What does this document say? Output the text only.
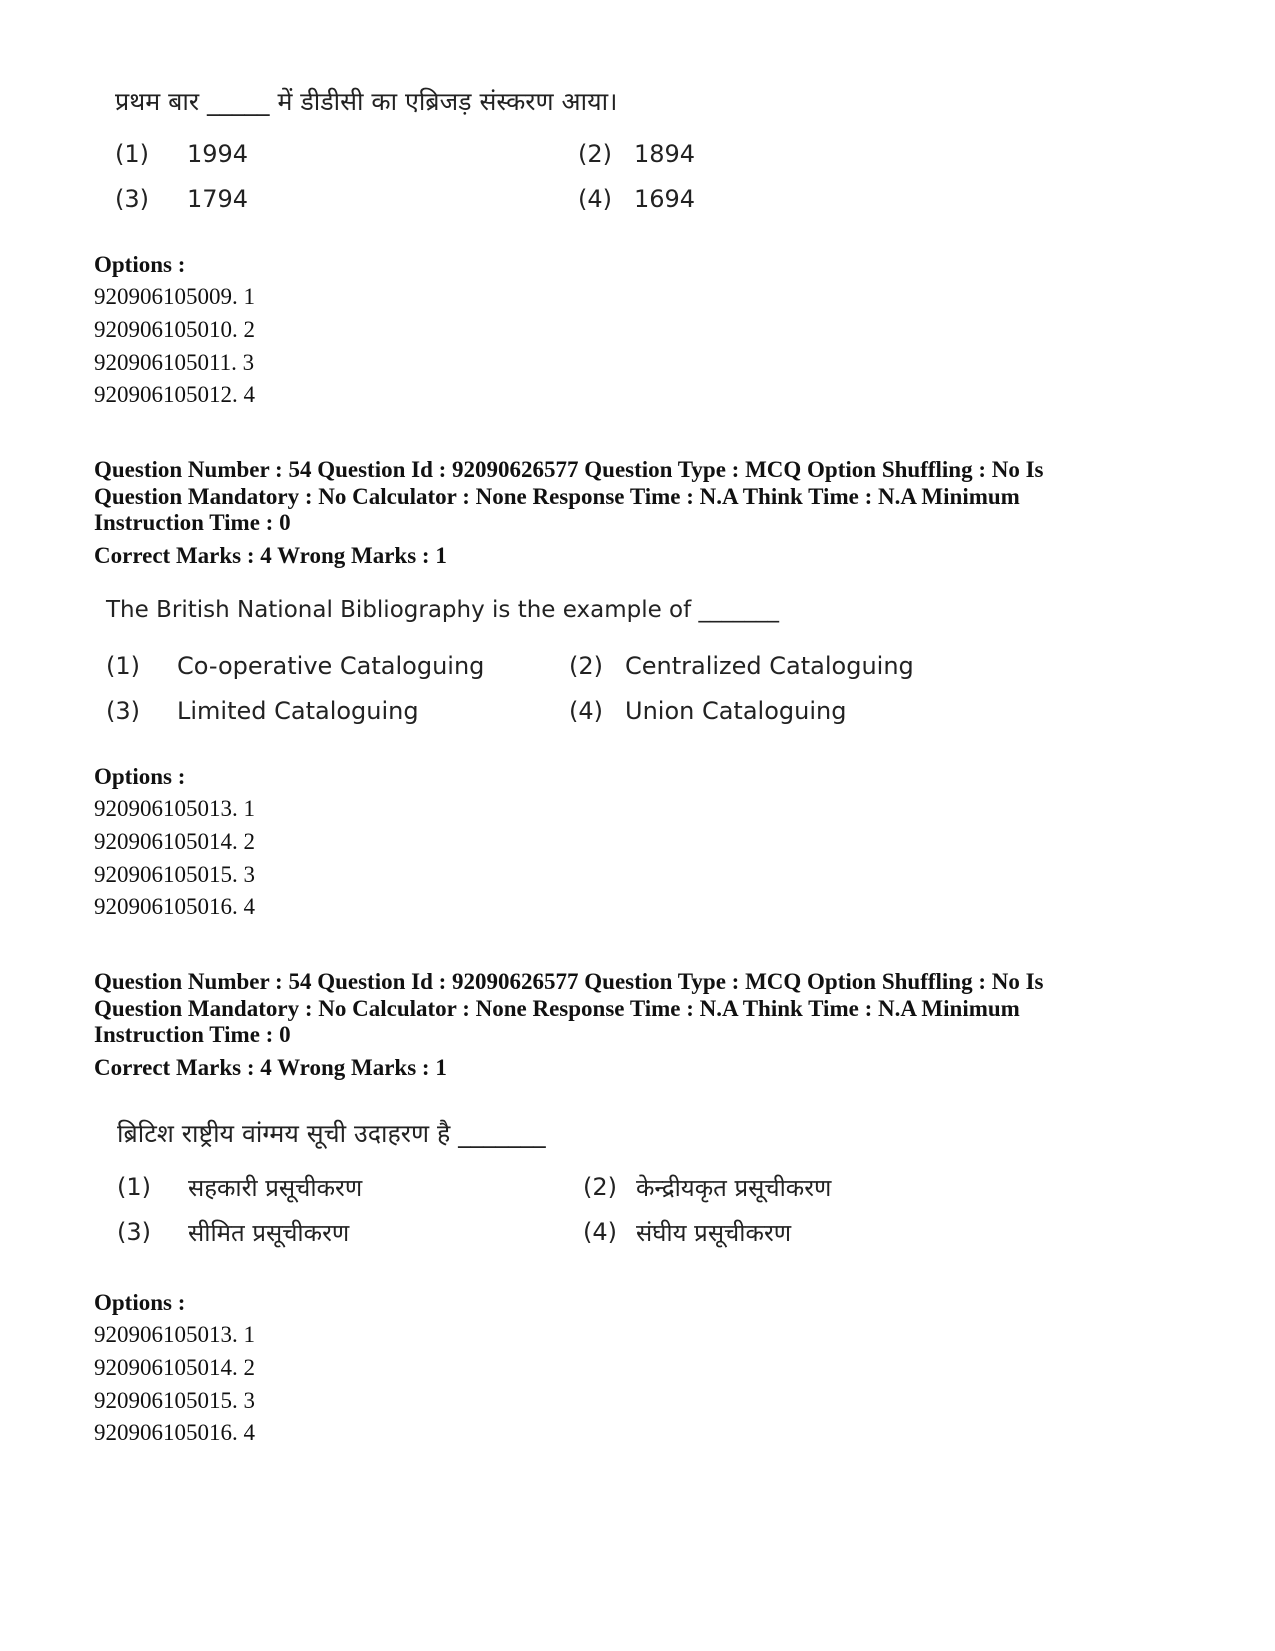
प्रथम बार _____ में डीडीसी का एब्रिजड़ संस्करण आया।
(1) 1994	(2) 1894
(3) 1794	(4) 1694
Options :
920906105009. 1
920906105010. 2
920906105011. 3
920906105012. 4
Question Number : 54 Question Id : 92090626577 Question Type : MCQ Option Shuffling : No Is
Question Mandatory : No Calculator : None Response Time : N.A Think Time : N.A Minimum
Instruction Time : 0
Correct Marks : 4 Wrong Marks : 1
The British National Bibliography is the example of _______
(1) Co-operative Cataloguing	(2) Centralized Cataloguing
(3) Limited Cataloguing	(4) Union Cataloguing
Options :
920906105013. 1
920906105014. 2
920906105015. 3
920906105016. 4
Question Number : 54 Question Id : 92090626577 Question Type : MCQ Option Shuffling : No Is
Question Mandatory : No Calculator : None Response Time : N.A Think Time : N.A Minimum
Instruction Time : 0
Correct Marks : 4 Wrong Marks : 1
ब्रिटिश राष्ट्रीय वांग्मय सूची उदाहरण है _______
(1) सहकारी प्रसूचीकरण	(2) केन्द्रीयकृत प्रसूचीकरण
(3) सीमित प्रसूचीकरण	(4) संघीय प्रसूचीकरण
Options :
920906105013. 1
920906105014. 2
920906105015. 3
920906105016. 4
